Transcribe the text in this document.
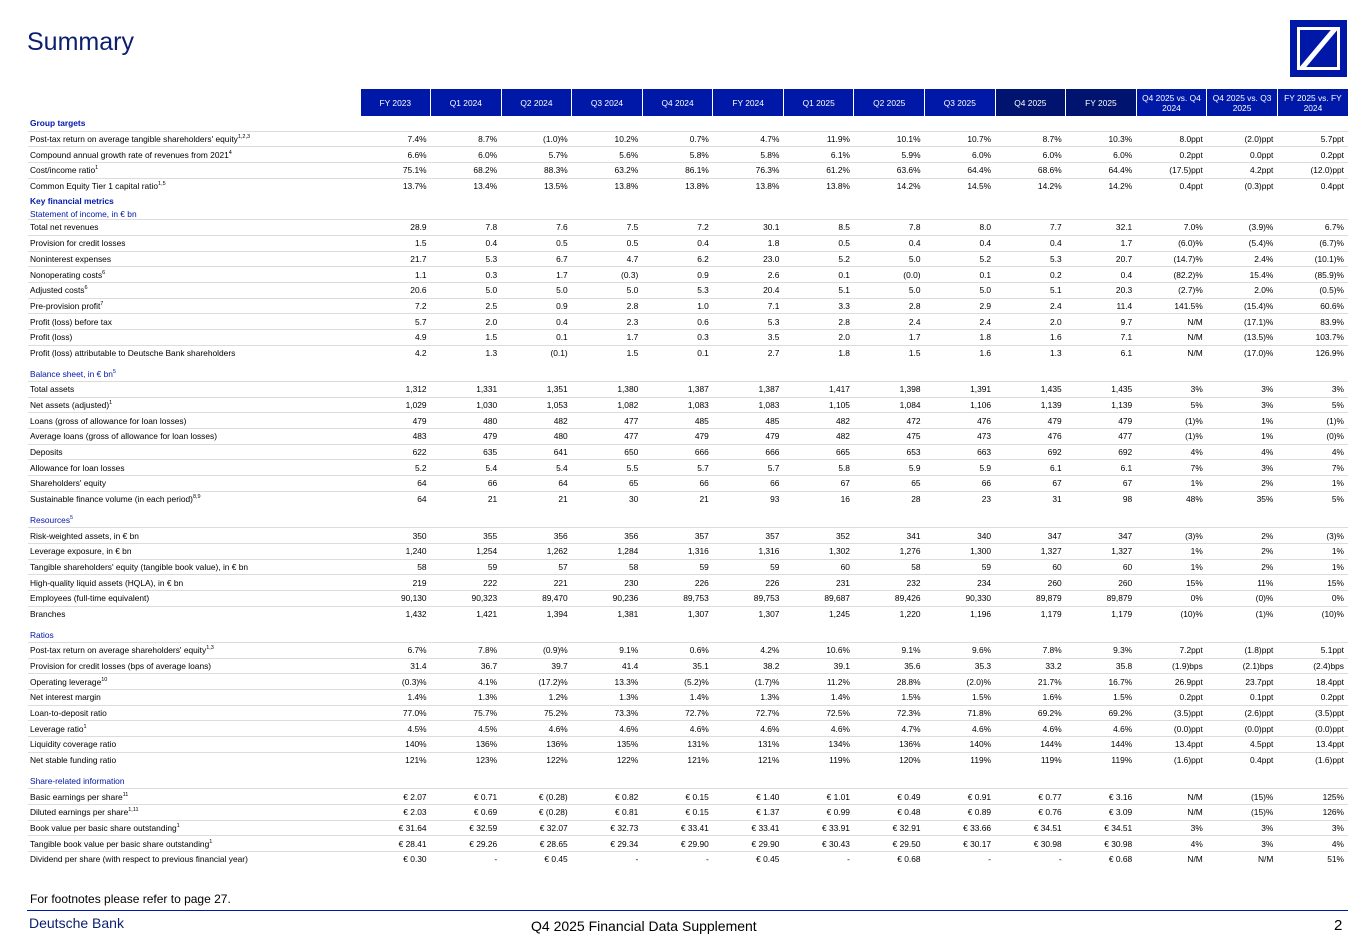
Summary
	FY 2023	Q1 2024	Q2 2024	Q3 2024	Q4 2024	FY 2024	Q1 2025	Q2 2025	Q3 2025	Q4 2025	FY 2025	Q4 2025 vs. Q4 2024	Q4 2025 vs. Q3 2025	FY 2025 vs. FY 2024
Group targets														
Post-tax return on average tangible shareholders' equity$^{1,2,3}$	7.4%	8.7%	(1.0)%	10.2%	0.7%	4.7%	11.9%	10.1%	10.7%	8.7%	10.3%	8.0ppt	(2.0)ppt	5.7ppt
Compound annual growth rate of revenues from 2021$^4$	6.6%	6.0%	5.7%	5.6%	5.8%	5.8%	6.1%	5.9%	6.0%	6.0%	6.0%	0.2ppt	0.0ppt	0.2ppt
Cost/income ratio$^1$	75.1%	68.2%	88.3%	63.2%	86.1%	76.3%	61.2%	63.6%	64.4%	68.6%	64.4%	(17.5)ppt	4.2ppt	(12.0)ppt
Common Equity Tier 1 capital ratio$^{1,5}$	13.7%	13.4%	13.5%	13.8%	13.8%	13.8%	13.8%	14.2%	14.5%	14.2%	14.2%	0.4ppt	(0.3)ppt	0.4ppt
Key financial metrics														
Statement of income, in € bn														
Total net revenues	28.9	7.8	7.6	7.5	7.2	30.1	8.5	7.8	8.0	7.7	32.1	7.0%	(3.9)%	6.7%
Provision for credit losses	1.5	0.4	0.5	0.5	0.4	1.8	0.5	0.4	0.4	0.4	1.7	(6.0)%	(5.4)%	(6.7)%
Noninterest expenses	21.7	5.3	6.7	4.7	6.2	23.0	5.2	5.0	5.2	5.3	20.7	(14.7)%	2.4%	(10.1)%
Nonoperating costs$^6$	1.1	0.3	1.7	(0.3)	0.9	2.6	0.1	(0.0)	0.1	0.2	0.4	(82.2)%	15.4%	(85.9)%
Adjusted costs$^6$	20.6	5.0	5.0	5.0	5.3	20.4	5.1	5.0	5.0	5.1	20.3	(2.7)%	2.0%	(0.5)%
Pre-provision profit$^7$	7.2	2.5	0.9	2.8	1.0	7.1	3.3	2.8	2.9	2.4	11.4	141.5%	(15.4)%	60.6%
Profit (loss) before tax	5.7	2.0	0.4	2.3	0.6	5.3	2.8	2.4	2.4	2.0	9.7	N/M	(17.1)%	83.9%
Profit (loss)	4.9	1.5	0.1	1.7	0.3	3.5	2.0	1.7	1.8	1.6	7.1	N/M	(13.5)%	103.7%
Profit (loss) attributable to Deutsche Bank shareholders	4.2	1.3	(0.1)	1.5	0.1	2.7	1.8	1.5	1.6	1.3	6.1	N/M	(17.0)%	126.9%

Balance sheet, in € $bn^5$
Total assets	1,312	1,331	1,351	1,380	1,387	1,387	1,417	1,398	1,391	1,435	1,435	3%	3%	3%
Net assets (adjusted)$^1$	1,029	1,030	1,053	1,082	1,083	1,083	1,105	1,084	1,106	1,139	1,139	5%	3%	5%
Loans (gross of allowance for loan losses)	479	480	482	477	485	485	482	472	476	479	479	(1)%	1%	(1)%
Average loans (gross of allowance for loan losses)	483	479	480	477	479	479	482	475	473	476	477	(1)%	1%	(0)%
Deposits	622	635	641	650	666	666	665	653	663	692	692	4%	4%	4%
Allowance for loan losses	5.2	5.4	5.4	5.5	5.7	5.7	5.8	5.9	5.9	6.1	6.1	7%	3%	7%
Shareholders' equity	64	66	64	65	66	66	67	65	66	67	67	1%	2%	1%
Sustainable finance volume (in each period)$^{8,9}$	64	21	21	30	21	93	16	28	23	31	98	48%	35%	5%

Resources$^5$
Risk-weighted assets, in € bn	350	355	356	356	357	357	352	341	340	347	347	(3)%	2%	(3)%
Leverage exposure, in € bn	1,240	1,254	1,262	1,284	1,316	1,316	1,302	1,276	1,300	1,327	1,327	1%	2%	1%
Tangible shareholders' equity (tangible book value), in € bn	58	59	57	58	59	59	60	58	59	60	60	1%	2%	1%
High-quality liquid assets (HQLA), in € bn	219	222	221	230	226	226	231	232	234	260	260	15%	11%	15%
Employees (full-time equivalent)	90,130	90,323	89,470	90,236	89,753	89,753	89,687	89,426	90,330	89,879	89,879	0%	(0)%	0%
Branches	1,432	1,421	1,394	1,381	1,307	1,307	1,245	1,220	1,196	1,179	1,179	(10)%	(1)%	(10)%

Ratios														
Post-tax return on average shareholders' equity$^{1,3}$	6.7%	7.8%	(0.9)%	9.1%	0.6%	4.2%	10.6%	9.1%	9.6%	7.8%	9.3%	7.2ppt	(1.8)ppt	5.1ppt
Provision for credit losses (bps of average loans)	31.4	36.7	39.7	41.4	35.1	38.2	39.1	35.6	35.3	33.2	35.8	(1.9)bps	(2.1)bps	(2.4)bps
Operating leverage$^{10}$	(0.3)%	4.1%	(17.2)%	13.3%	(5.2)%	(1.7)%	11.2%	28.8%	(2.0)%	21.7%	16.7%	26.9ppt	23.7ppt	18.4ppt
Net interest margin	1.4%	1.3%	1.2%	1.3%	1.4%	1.3%	1.4%	1.5%	1.5%	1.6%	1.5%	0.2ppt	0.1ppt	0.2ppt
Loan-to-deposit ratio	77.0%	75.7%	75.2%	73.3%	72.7%	72.7%	72.5%	72.3%	71.8%	69.2%	69.2%	(3.5)ppt	(2.6)ppt	(3.5)ppt
Leverage ratio$^1$	4.5%	4.5%	4.6%	4.6%	4.6%	4.6%	4.6%	4.7%	4.6%	4.6%	4.6%	(0.0)ppt	(0.0)ppt	(0.0)ppt
Liquidity coverage ratio	140%	136%	136%	135%	131%	131%	134%	136%	140%	144%	144%	13.4ppt	4.5ppt	13.4ppt
Net stable funding ratio	121%	123%	122%	122%	121%	121%	119%	120%	119%	119%	119%	(1.6)ppt	0.4ppt	(1.6)ppt

Share-related information														
Basic earnings per share$^{11}$	€ 2.07	€ 0.71	€ (0.28)	€ 0.82	€ 0.15	€ 1.40	€ 1.01	€ 0.49	€ 0.91	€ 0.77	€ 3.16	N/M	(15)%	125%
Diluted earnings per share$^{1,11}$	€ 2.03	€ 0.69	€ (0.28)	€ 0.81	€ 0.15	€ 1.37	€ 0.99	€ 0.48	€ 0.89	€ 0.76	€ 3.09	N/M	(15)%	126%
Book value per basic share outstanding$^1$	€ 31.64	€ 32.59	€ 32.07	€ 32.73	€ 33.41	€ 33.41	€ 33.91	€ 32.91	€ 33.66	€ 34.51	€ 34.51	3%	3%	3%
Tangible book value per basic share outstanding$^1$	€ 28.41	€ 29.26	€ 28.65	€ 29.34	€ 29.90	€ 29.90	€ 30.43	€ 29.50	€ 30.17	€ 30.98	€ 30.98	4%	3%	4%
Dividend per share (with respect to previous financial year)	€ 0.30	-	€ 0.45	-	-	€ 0.45	-	€ 0.68	-	-	€ 0.68	N/M	N/M	51%
For footnotes please refer to page 27.
Deutsche Bank	Q4 2025 Financial Data Supplement	2
